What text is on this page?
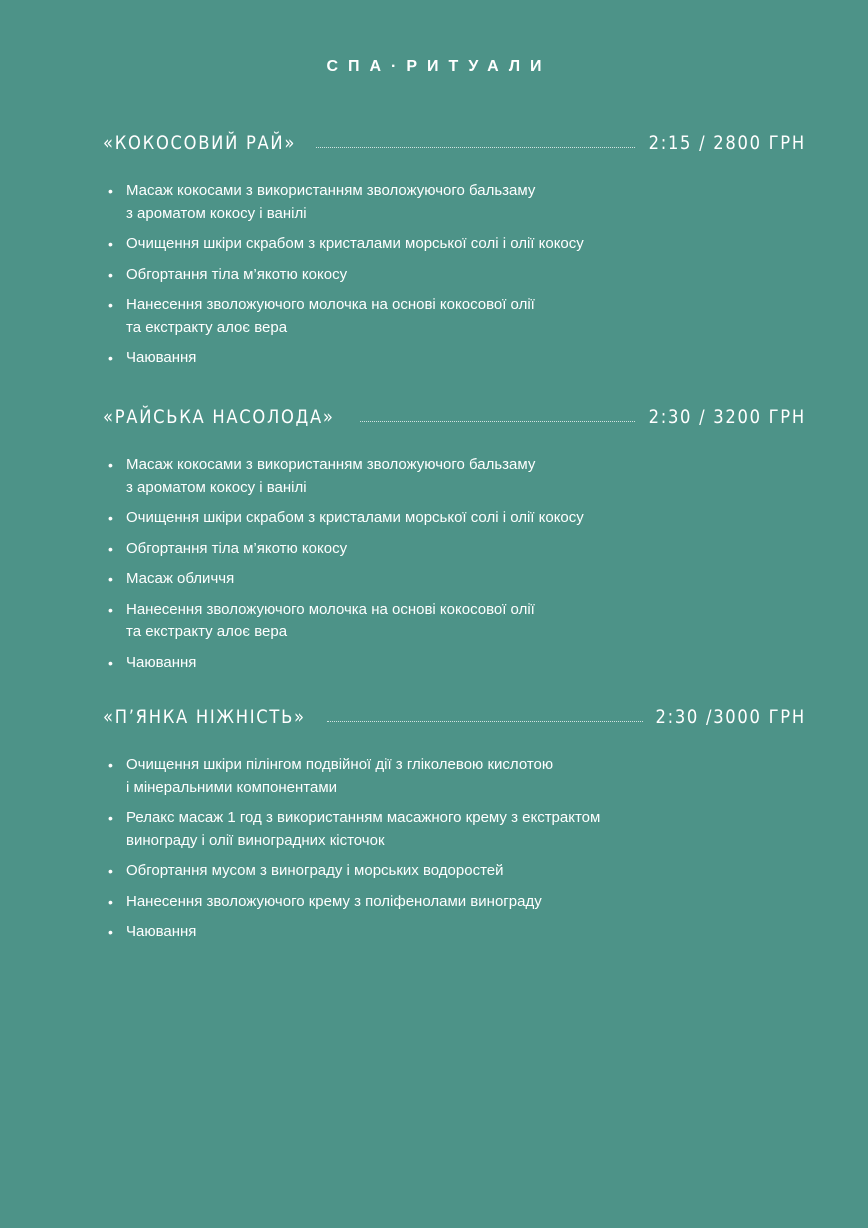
СПА·РИТУАЛИ
«КОКОСОВИЙ РАЙ»	2:15 / 2800 ГРН
• Масаж кокосами з використанням зволожуючого бальзаму
з ароматом кокосу і ванілі
• Очищення шкіри скрабом з кристалами морської солі і олії кокосу
• Обгортання тіла м’якотю кокосу
• Нанесення зволожуючого молочка на основі кокосової олії
та екстракту алоє вера
• Чаювання
«РАЙСЬКА НАСОЛОДА»	2:30 / 3200 ГРН
• Масаж кокосами з використанням зволожуючого бальзаму
з ароматом кокосу і ванілі
• Очищення шкіри скрабом з кристалами морської солі і олії кокосу
• Обгортання тіла м’якотю кокосу
• Масаж обличчя
• Нанесення зволожуючого молочка на основі кокосової олії
та екстракту алоє вера
• Чаювання
«П’ЯНКА НІЖНІСТЬ»	2:30 /3000 ГРН
• Очищення шкіри пілінгом подвійної дії з гліколевою кислотою
і мінеральними компонентами
• Релакс масаж 1 год з використанням масажного крему з екстрактом
винограду і олії виноградних кісточок
• Обгортання мусом з винограду і морських водоростей
• Нанесення зволожуючого крему з поліфенолами винограду
• Чаювання
